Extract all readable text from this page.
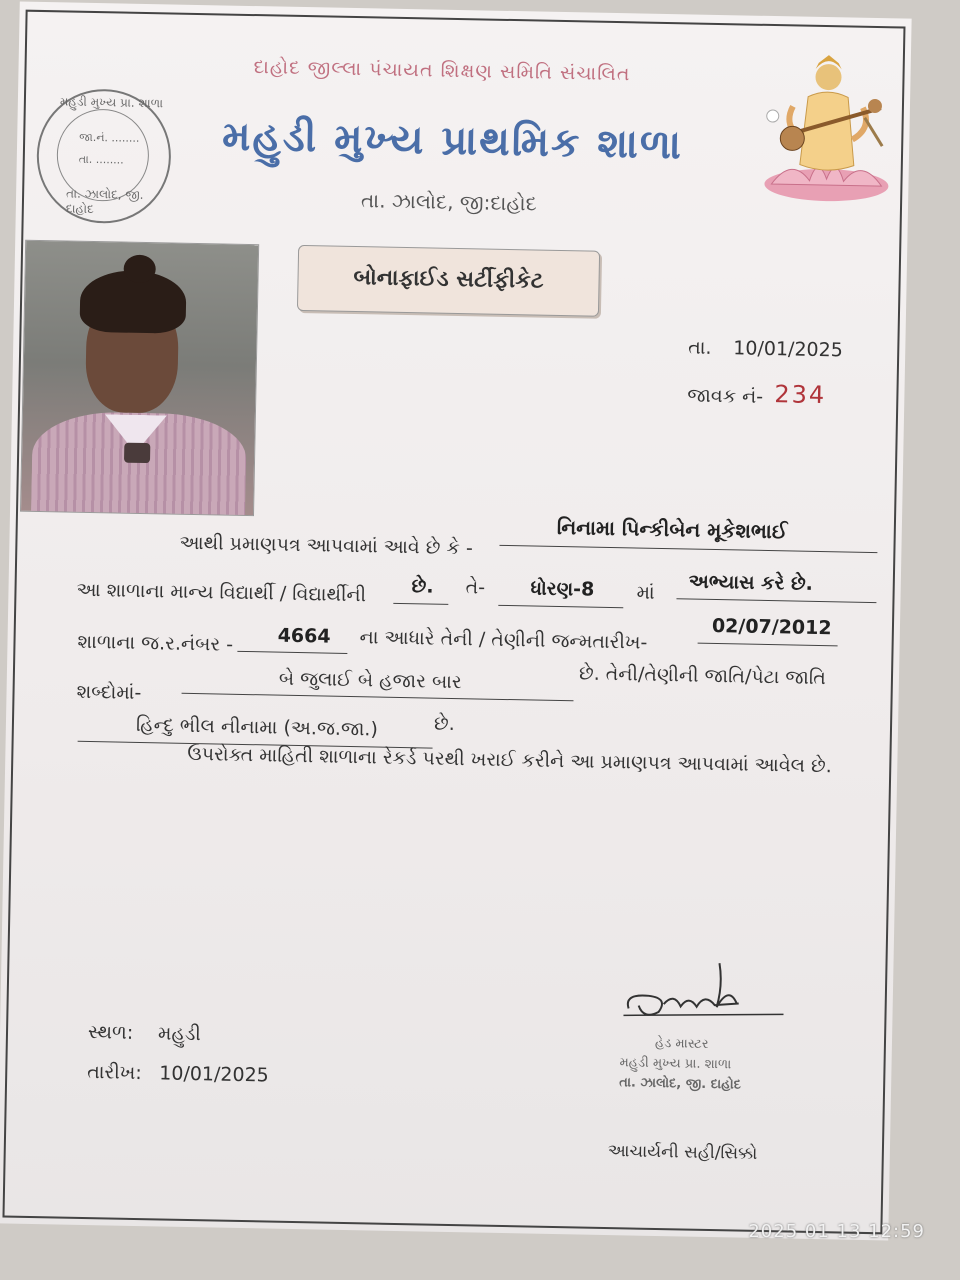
મહુડી મુખ્ય પ્રા. શાળા
જા.નં. ........
તા. ........
તા. ઝાલોદ, જી. દાહોદ
દાહોદ જીલ્લા પંચાયત શિક્ષણ સમિતિ સંચાલિત
મહુડી મુખ્ય પ્રાથમિક શાળા
તા. ઝાલોદ, જી:દાહોદ
બોનાફાઈડ સર્ટીફીકેટ
તા. 10/01/2025
જાવક નં- 234
આથી પ્રમાણપત્ર આપવામાં આવે છે કે -
નિનામા પિન્કીબેન મૂકેશભાઈ
આ શાળાના માન્ય વિદ્યાર્થી / વિદ્યાર્થીની છે. તે- ધોરણ-8 માં અભ્યાસ કરે છે.
શાળાના જ.ર.નંબર - 4664 ના આધારે તેની / તેણીની જન્મતારીખ-	02/07/2012
શબ્દોમાં-	બે જુલાઈ બે હજાર બાર	છે. તેની/તેણીની જાતિ/પેટા જાતિ
હિન્દુ ભીલ નીનામા (અ.જ.જા.)	છે.
ઉપરોક્ત માહિતી શાળાના રેકર્ડ પરથી ખરાઈ કરીને આ પ્રમાણપત્ર આપવામાં આવેલ છે.
સ્થળ: મહુડી
તારીખ: 10/01/2025
હેડ માસ્ટર
મહુડી મુખ્ય પ્રા. શાળા
તા. ઝાલોદ, જી. દાહોદ
આચાર્યની સહી/સિક્કો
2025 01 13 12:59
